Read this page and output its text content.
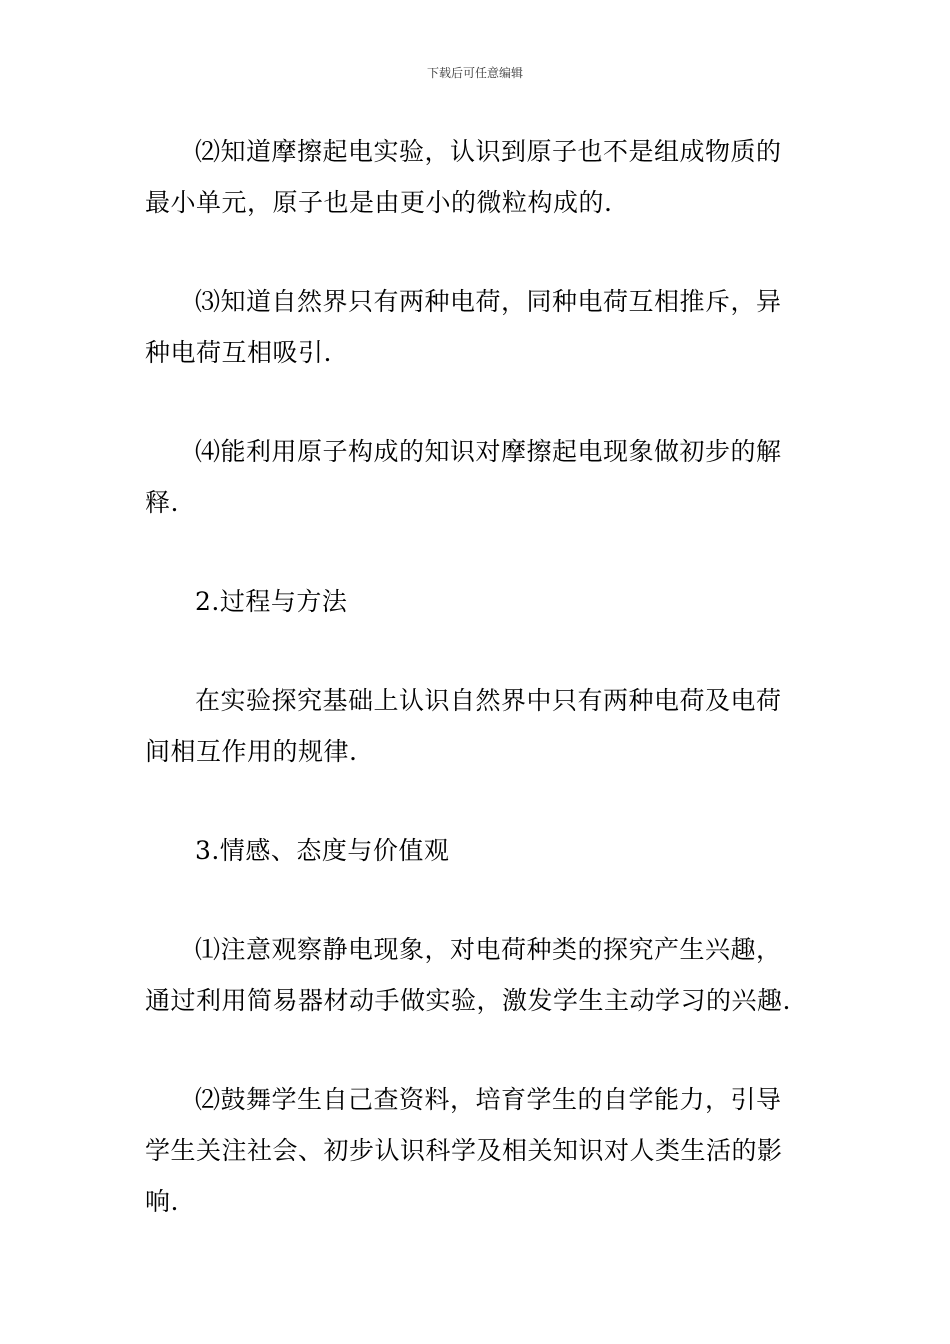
下载后可任意编辑
⑵知道摩擦起电实验，认识到原子也不是组成物质的
最小单元，原子也是由更小的微粒构成的.
⑶知道自然界只有两种电荷，同种电荷互相推斥，异
种电荷互相吸引.
⑷能利用原子构成的知识对摩擦起电现象做初步的解
释.
2.过程与方法
在实验探究基础上认识自然界中只有两种电荷及电荷
间相互作用的规律.
3.情感、态度与价值观
⑴注意观察静电现象，对电荷种类的探究产生兴趣，
通过利用简易器材动手做实验，激发学生主动学习的兴趣.
⑵鼓舞学生自己查资料，培育学生的自学能力，引导
学生关注社会、初步认识科学及相关知识对人类生活的影
响.
